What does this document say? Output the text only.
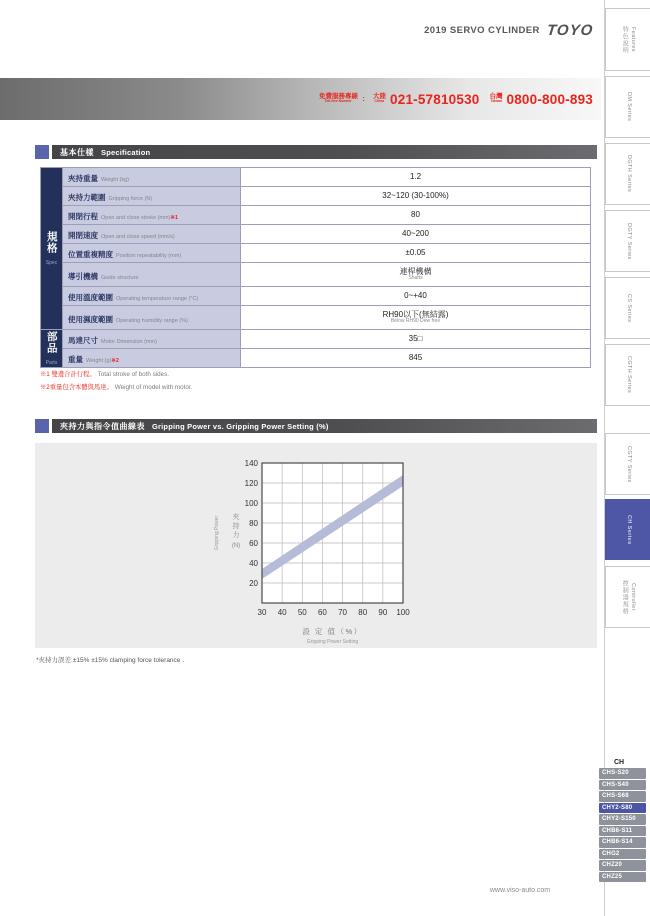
2019 SERVO CYLINDER TOYO
免費服務專線
Toll-free Number ： 大陸
China 021-57810530 台灣
Taiwan 0800-800-893
基本仕樣 Specification
規格
Spec	夾持重量 Weight (kg)	1.2

	夾持力範圍 Gripping force (N)	32~120 (30-100%)

	開閉行程 Open and close stroke (mm)※1	80

	開閉速度 Open and close speed (mm/s)	40~200

	位置重複精度 Position repeatability (mm)	±0.05

	導引機構 Guide structure	連桿機構
Shafts

	使用溫度範圍 Operating temperature range (°C)	0~+40

	使用濕度範圍 Operating humidity range (%)	RH90以下(無結露)
Below RH90 Dew free

部品
Parts	馬達尺寸 Motor Dimension (mm)	35□

	重量 Weight (g)※2	845
※1 雙邊合計行程。 Total stroke of both sides.
※2重量包含本體與馬達。 Weight of model with motor.
夾持力與指令值曲線表 Gripping Power vs. Gripping Power Setting (%)
20
40
60
80
100
120
140
30 40 50 60 70 80 90 100
Gripping Power 夾
持
力
(N)
設 定 值（%）
Gripping Power Setting
*夾持力誤差:±15% ±15% clamping force tolerance .
www.viso-auto.com
特色說明 Features
DM Series
DGTH Series
DGTY Series
CS Series
CGTH Series
CGTY Series
CH Series
控制器規格 Controller
CH
CHS-S20
CHS-S40
CHS-S68
CHY2-S80
CHY2-S150
CHB6-S11
CHB6-S14
CHG2
CHZ20
CHZ25
